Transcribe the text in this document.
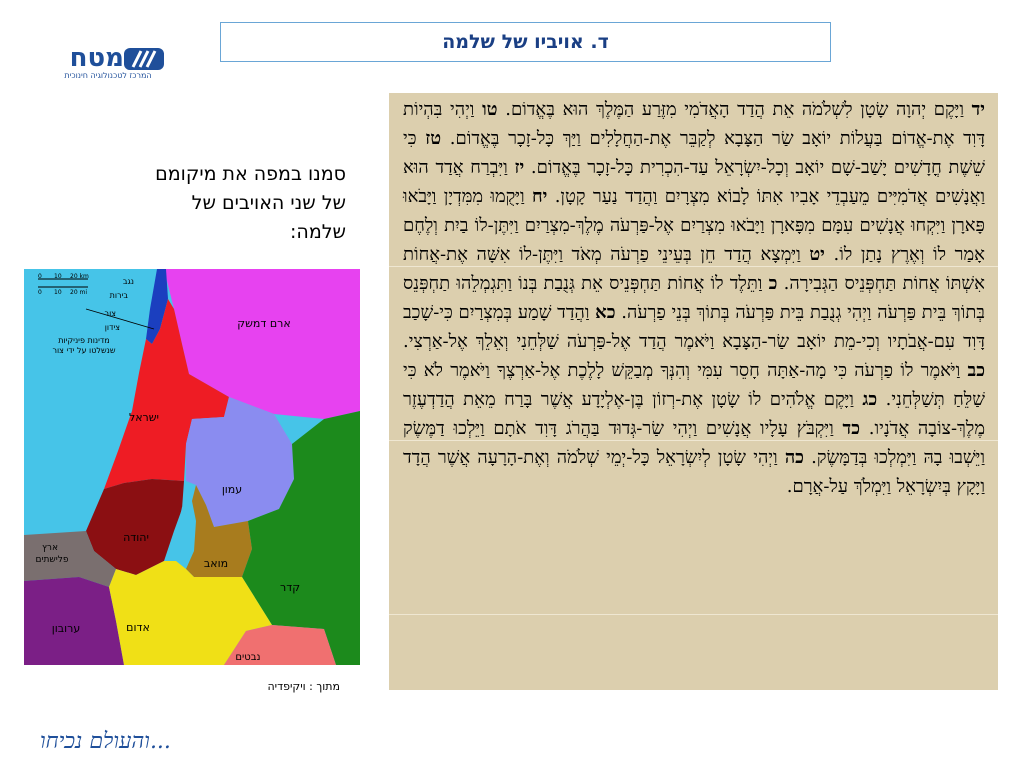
ד. אויביו של שלמה
מטח
המרכז לטכנולוגיה חינוכית
סמנו במפה את מיקומם של שני האויבים של שלמה:
0 10 20 km
0 10 20 mi
נגב
בירות
צור
צידון
מדינות פיניקיות
שנשלטו על ידי צור
ארם דמשק
ישראל
עמון
יהודה
ארץ
פלישתים	מואב
קדר
ערובון	אדום
נבטים
מתוך : ויקיפדיה
יד וַיָּקֶם יְהוָה שָׂטָן לִשְׁלֹמֹה אֵת הֲדַד הָאֲדֹמִי מִזֶּרַע הַמֶּלֶךְ הוּא בֶּאֱדוֹם. טו וַיְהִי בִּהְיוֹת דָּוִד אֶת-אֱדוֹם בַּעֲלוֹת יוֹאָב שַׂר הַצָּבָא לְקַבֵּר אֶת-הַחֲלָלִים וַיַּךְ כָּל-זָכָר בֶּאֱדוֹם. טז כִּי שֵׁשֶׁת חֳדָשִׁים יָשַׁב-שָׁם יוֹאָב וְכָל-יִשְׂרָאֵל עַד-הִכְרִית כָּל-זָכָר בֶּאֱדוֹם. יז וַיִּבְרַח אֲדַד הוּא וַאֲנָשִׁים אֲדֹמִיִּים מֵעַבְדֵי אָבִיו אִתּוֹ לָבוֹא מִצְרָיִם וַהֲדַד נַעַר קָטָן. יח וַיָּקֻמוּ מִמִּדְיָן וַיָּבֹאוּ פָּארָן וַיִּקְחוּ אֲנָשִׁים עִמָּם מִפָּארָן וַיָּבֹאוּ מִצְרַיִם אֶל-פַּרְעֹה מֶלֶךְ-מִצְרַיִם וַיִּתֶּן-לוֹ בַיִת וְלֶחֶם אָמַר לוֹ וְאֶרֶץ נָתַן לוֹ. יט וַיִּמְצָא הֲדַד חֵן בְּעֵינֵי פַרְעֹה מְאֹד וַיִּתֶּן-לוֹ אִשָּׁה אֶת-אֲחוֹת אִשְׁתּוֹ אֲחוֹת תַּחְפְּנֵיס הַגְּבִירָה. כ וַתֵּלֶד לוֹ אֲחוֹת תַּחְפְּנֵיס אֵת גְּנֻבַת בְּנוֹ וַתִּגְמְלֵהוּ תַחְפְּנֵס בְּתוֹךְ בֵּית פַּרְעֹה וַיְהִי גְנֻבַת בֵּית פַּרְעֹה בְּתוֹךְ בְּנֵי פַרְעֹה. כא וַהֲדַד שָׁמַע בְּמִצְרַיִם כִּי-שָׁכַב דָּוִד עִם-אֲבֹתָיו וְכִי-מֵת יוֹאָב שַׂר-הַצָּבָא וַיֹּאמֶר הֲדַד אֶל-פַּרְעֹה שַׁלְּחֵנִי וְאֵלֵךְ אֶל-אַרְצִי. כב וַיֹּאמֶר לוֹ פַרְעֹה כִּי מָה-אַתָּה חָסֵר עִמִּי וְהִנְּךָ מְבַקֵּשׁ לָלֶכֶת אֶל-אַרְצֶךָ וַיֹּאמֶר לֹא כִּי שַׁלֵּחַ תְּשַׁלְּחֵנִי. כג וַיָּקֶם אֱלֹהִים לוֹ שָׂטָן אֶת-רְזוֹן בֶּן-אֶלְיָדָע אֲשֶׁר בָּרַח מֵאֵת הֲדַדְעֶזֶר מֶלֶךְ-צוֹבָה אֲדֹנָיו. כד וַיִּקְבֹּץ עָלָיו אֲנָשִׁים וַיְהִי שַׂר-גְּדוּד בַּהֲרֹג דָּוִד אֹתָם וַיֵּלְכוּ דַמֶּשֶׂק וַיֵּשְׁבוּ בָהּ וַיִּמְלְכוּ בְּדַמָּשֶׂק. כה וַיְהִי שָׂטָן לְיִשְׂרָאֵל כָּל-יְמֵי שְׁלֹמֹה וְאֶת-הָרָעָה אֲשֶׁר הֲדָד וַיָּקָץ בְּיִשְׂרָאֵל וַיִּמְלֹךְ עַל-אֲרָם.
והעולם נכיחו...
